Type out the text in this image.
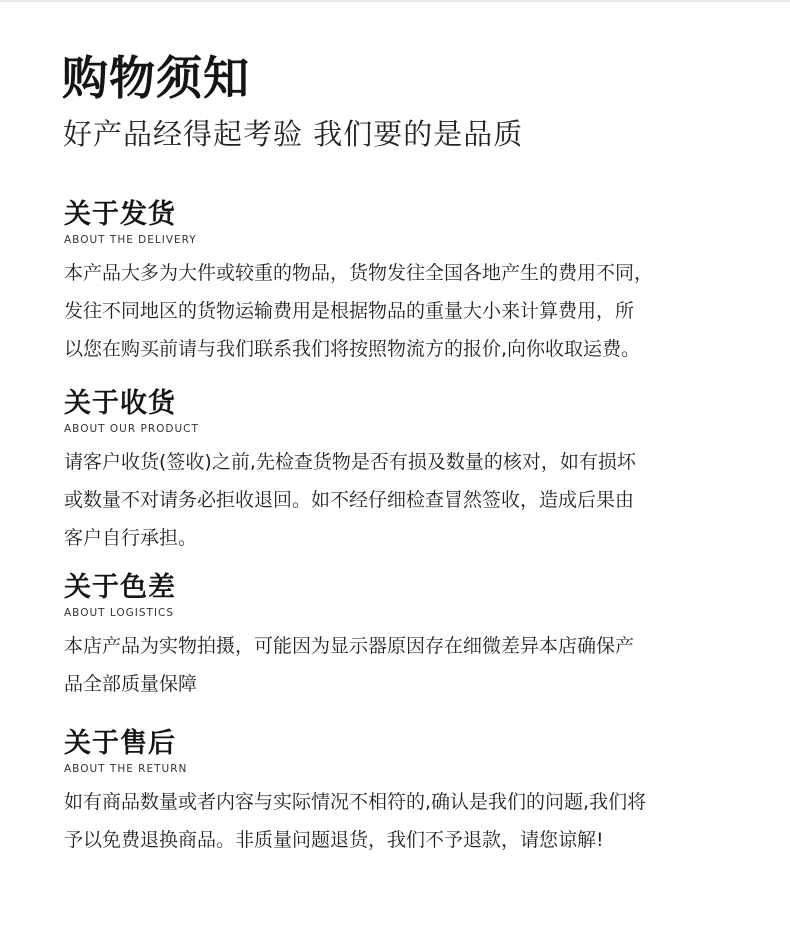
购物须知
好产品经得起考验 我们要的是品质
关于发货
ABOUT THE DELIVERY
本产品大多为大件或较重的物品，货物发往全国各地产生的费用不同，
发往不同地区的货物运输费用是根据物品的重量大小来计算费用，所
以您在购买前请与我们联系我们将按照物流方的报价,向你收取运费。
关于收货
ABOUT OUR PRODUCT
请客户收货(签收)之前,先检查货物是否有损及数量的核对，如有损坏
或数量不对请务必拒收退回。如不经仔细检查冒然签收，造成后果由
客户自行承担。
关于色差
ABOUT LOGISTICS
本店产品为实物拍摄，可能因为显示器原因存在细微差异本店确保产
品全部质量保障
关于售后
ABOUT THE RETURN
如有商品数量或者内容与实际情况不相符的,确认是我们的问题,我们将
予以免费退换商品。非质量问题退货，我们不予退款，请您谅解!
